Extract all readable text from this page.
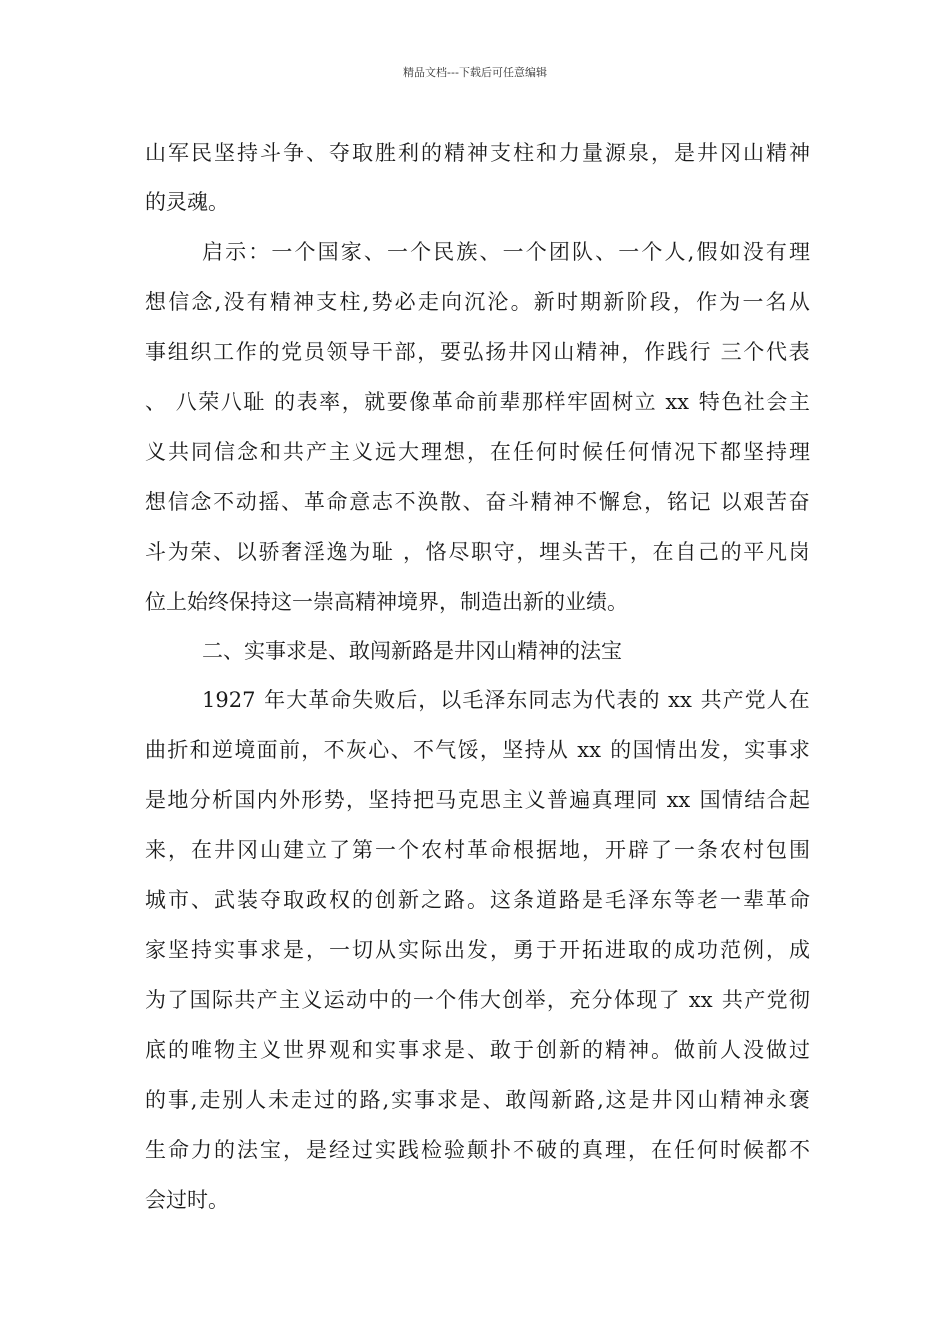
精品文档---下载后可任意编辑
山 军 民 坚 持 斗 争 、 夺 取 胜 利 的 精 神 支 柱 和 力 量 源 泉 ， 是 井 冈 山 精 神
的灵魂。
启 示 ： 一 个 国 家 、 一 个 民 族 、 一 个 团 队 、 一 个 人 , 假 如 没 有 理
想 信 念 , 没 有 精 神 支 柱 , 势 必 走 向 沉 沦 。 新 时 期 新 阶 段 ， 作 为 一 名 从
事 组 织 工 作 的 党 员 领 导 干 部 ， 要 弘 扬 井 冈 山 精 神 ， 作 践 行
三 个 代 表
、
八 荣 八 耻
的 表 率 ， 就 要 像 革 命 前 辈 那 样 牢 固 树 立
xx
特 色 社 会 主
义 共 同 信 念 和 共 产 主 义 远 大 理 想 ， 在 任 何 时 候 任 何 情 况 下 都 坚 持 理
想 信 念 不 动 摇 、 革 命 意 志 不 涣 散 、 奋 斗 精 神 不 懈 怠 ， 铭 记
以 艰 苦 奋
斗 为 荣 、 以 骄 奢 淫 逸 为 耻
， 恪 尽 职 守 ， 埋 头 苦 干 ， 在 自 己 的 平 凡 岗
位上始终保持这一崇高精神境界，制造出新的业绩。
二、实事求是、敢闯新路是井冈山精神的法宝
1927
年 大 革 命 失 败 后 ， 以 毛 泽 东 同 志 为 代 表 的
xx
共 产 党 人 在
曲 折 和 逆 境 面 前 ， 不 灰 心 、 不 气 馁 ， 坚 持 从
xx
的 国 情 出 发 ， 实 事 求
是 地 分 析 国 内 外 形 势 ， 坚 持 把 马 克 思 主 义 普 遍 真 理 同
xx
国 情 结 合 起
来 ， 在 井 冈 山 建 立 了 第 一 个 农 村 革 命 根 据 地 ， 开 辟 了 一 条 农 村 包 围
城 市 、 武 装 夺 取 政 权 的 创 新 之 路 。 这 条 道 路 是 毛 泽 东 等 老 一 辈 革 命
家 坚 持 实 事 求 是 ， 一 切 从 实 际 出 发 ， 勇 于 开 拓 进 取 的 成 功 范 例 ， 成
为 了 国 际 共 产 主 义 运 动 中 的 一 个 伟 大 创 举 ， 充 分 体 现 了
xx
共 产 党 彻
底 的 唯 物 主 义 世 界 观 和 实 事 求 是 、 敢 于 创 新 的 精 神 。 做 前 人 没 做 过
的 事 , 走 别 人 未 走 过 的 路 , 实 事 求 是 、 敢 闯 新 路 , 这 是 井 冈 山 精 神 永 褒
生 命 力 的 法 宝 ， 是 经 过 实 践 检 验 颠 扑 不 破 的 真 理 ， 在 任 何 时 候 都 不
会过时。
